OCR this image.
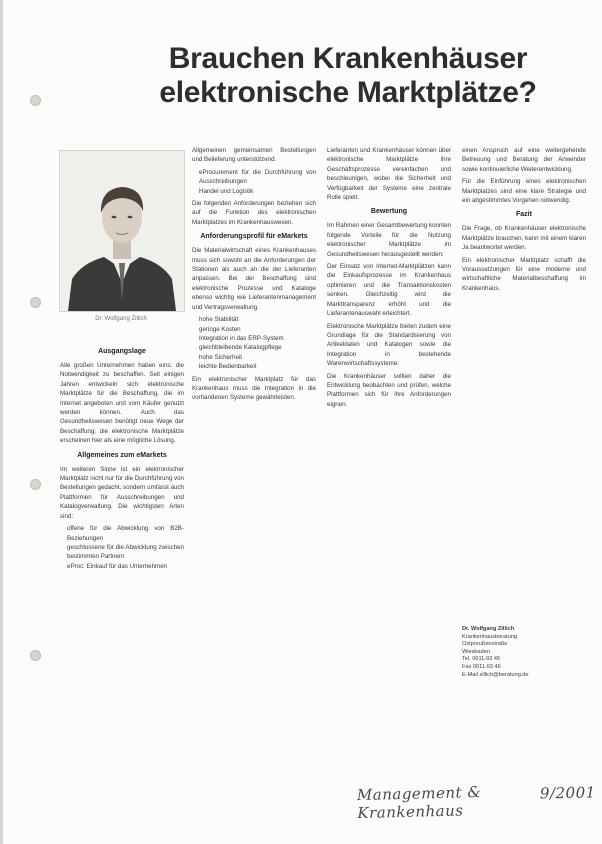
Brauchen Krankenhäuser
elektronische Marktplätze?
Dr. Wolfgang Zillich
Ausgangslage

Alle großen Unternehmen haben eins: die Notwendigkeit zu beschaffen. Seit einigen Jahren entwickeln sich elektronische Marktplätze für die Beschaffung, die im Internet angeboten und vom Käufer genutzt werden können. Auch das Gesundheitswesen benötigt neue Wege der Beschaffung; die elektronische Marktplätze erscheinen hier als eine mögliche Lösung.

Allgemeines zum eMarkets

Im weiteren Sinne ist ein elektronischer Marktplatz nicht nur für die Durchführung von Bestellungen gedacht, sondern umfasst auch Plattformen für Ausschreibungen und Katalogverwaltung. Die wichtigsten Arten sind:

• offene für die Abwicklung von B2B-Beziehungen
• geschlossene für die Abwicklung zwischen bestimmten Partnern
• eProc: Einkauf für das Unternehmen

Allgemeinen gemeinsamen Bestellungen und Belieferung unterstützend.

• eProcurement für die Durchführung von Ausschreibungen
• Handel und Logistik

Die folgenden Anforderungen beziehen sich auf die Funktion des elektronischen Marktplatzes im Krankenhauswesen.

Anforderungsprofil für eMarkets

Die Materialwirtschaft eines Krankenhauses muss sich sowohl an die Anforderungen der Stationen als auch an die der Lieferanten anpassen. Bei der Beschaffung sind elektronische Prozesse und Kataloge ebenso wichtig wie Lieferantenmanagement und Vertragsverwaltung.

• hohe Stabilität
• geringe Kosten
• Integration in das ERP-System
• gleichbleibende Katalogpflege
• hohe Sicherheit
• leichte Bedienbarkeit

Ein elektronischer Marktplatz für das Krankenhaus muss die Integration in die vorhandenen Systeme gewährleisten.

Lieferanten und Krankenhäuser können über elektronische Marktplätze ihre Geschäftsprozesse vereinfachen und beschleunigen, wobei die Sicherheit und Verfügbarkeit der Systeme eine zentrale Rolle spielt.

Bewertung

Im Rahmen einer Gesamtbewertung konnten folgende Vorteile für die Nutzung elektronischer Marktplätze im Gesundheitswesen herausgestellt werden:

Der Einsatz von Internet-Marktplätzen kann die Einkaufsprozesse im Krankenhaus optimieren und die Transaktionskosten senken. Gleichzeitig wird die Markttransparenz erhöht und die Lieferantenauswahl erleichtert.

Elektronische Marktplätze bieten zudem eine Grundlage für die Standardisierung von Artikeldaten und Katalogen sowie die Integration in bestehende Warenwirtschaftssysteme.

Die Krankenhäuser sollten daher die Entwicklung beobachten und prüfen, welche Plattformen sich für ihre Anforderungen eignen.

einen Anspruch auf eine weitergehende Betreuung und Beratung der Anwender sowie kontinuierliche Weiterentwicklung.

Für die Einführung eines elektronischen Marktplatzes sind eine klare Strategie und ein abgestimmtes Vorgehen notwendig.

Fazit

Die Frage, ob Krankenhäuser elektronische Marktplätze brauchen, kann mit einem klaren Ja beantwortet werden.

Ein elektronischer Marktplatz schafft die Voraussetzungen für eine moderne und wirtschaftliche Materialbeschaffung im Krankenhaus.

Dr. Wolfgang Zillich
Krankenhausberatung
Ostpreußenstraße
Wiesbaden
Tel. 0611-93 45
Fax 0611-93 46
E-Mail zillich@beratung.de
Management & Krankenhaus
9/2001
